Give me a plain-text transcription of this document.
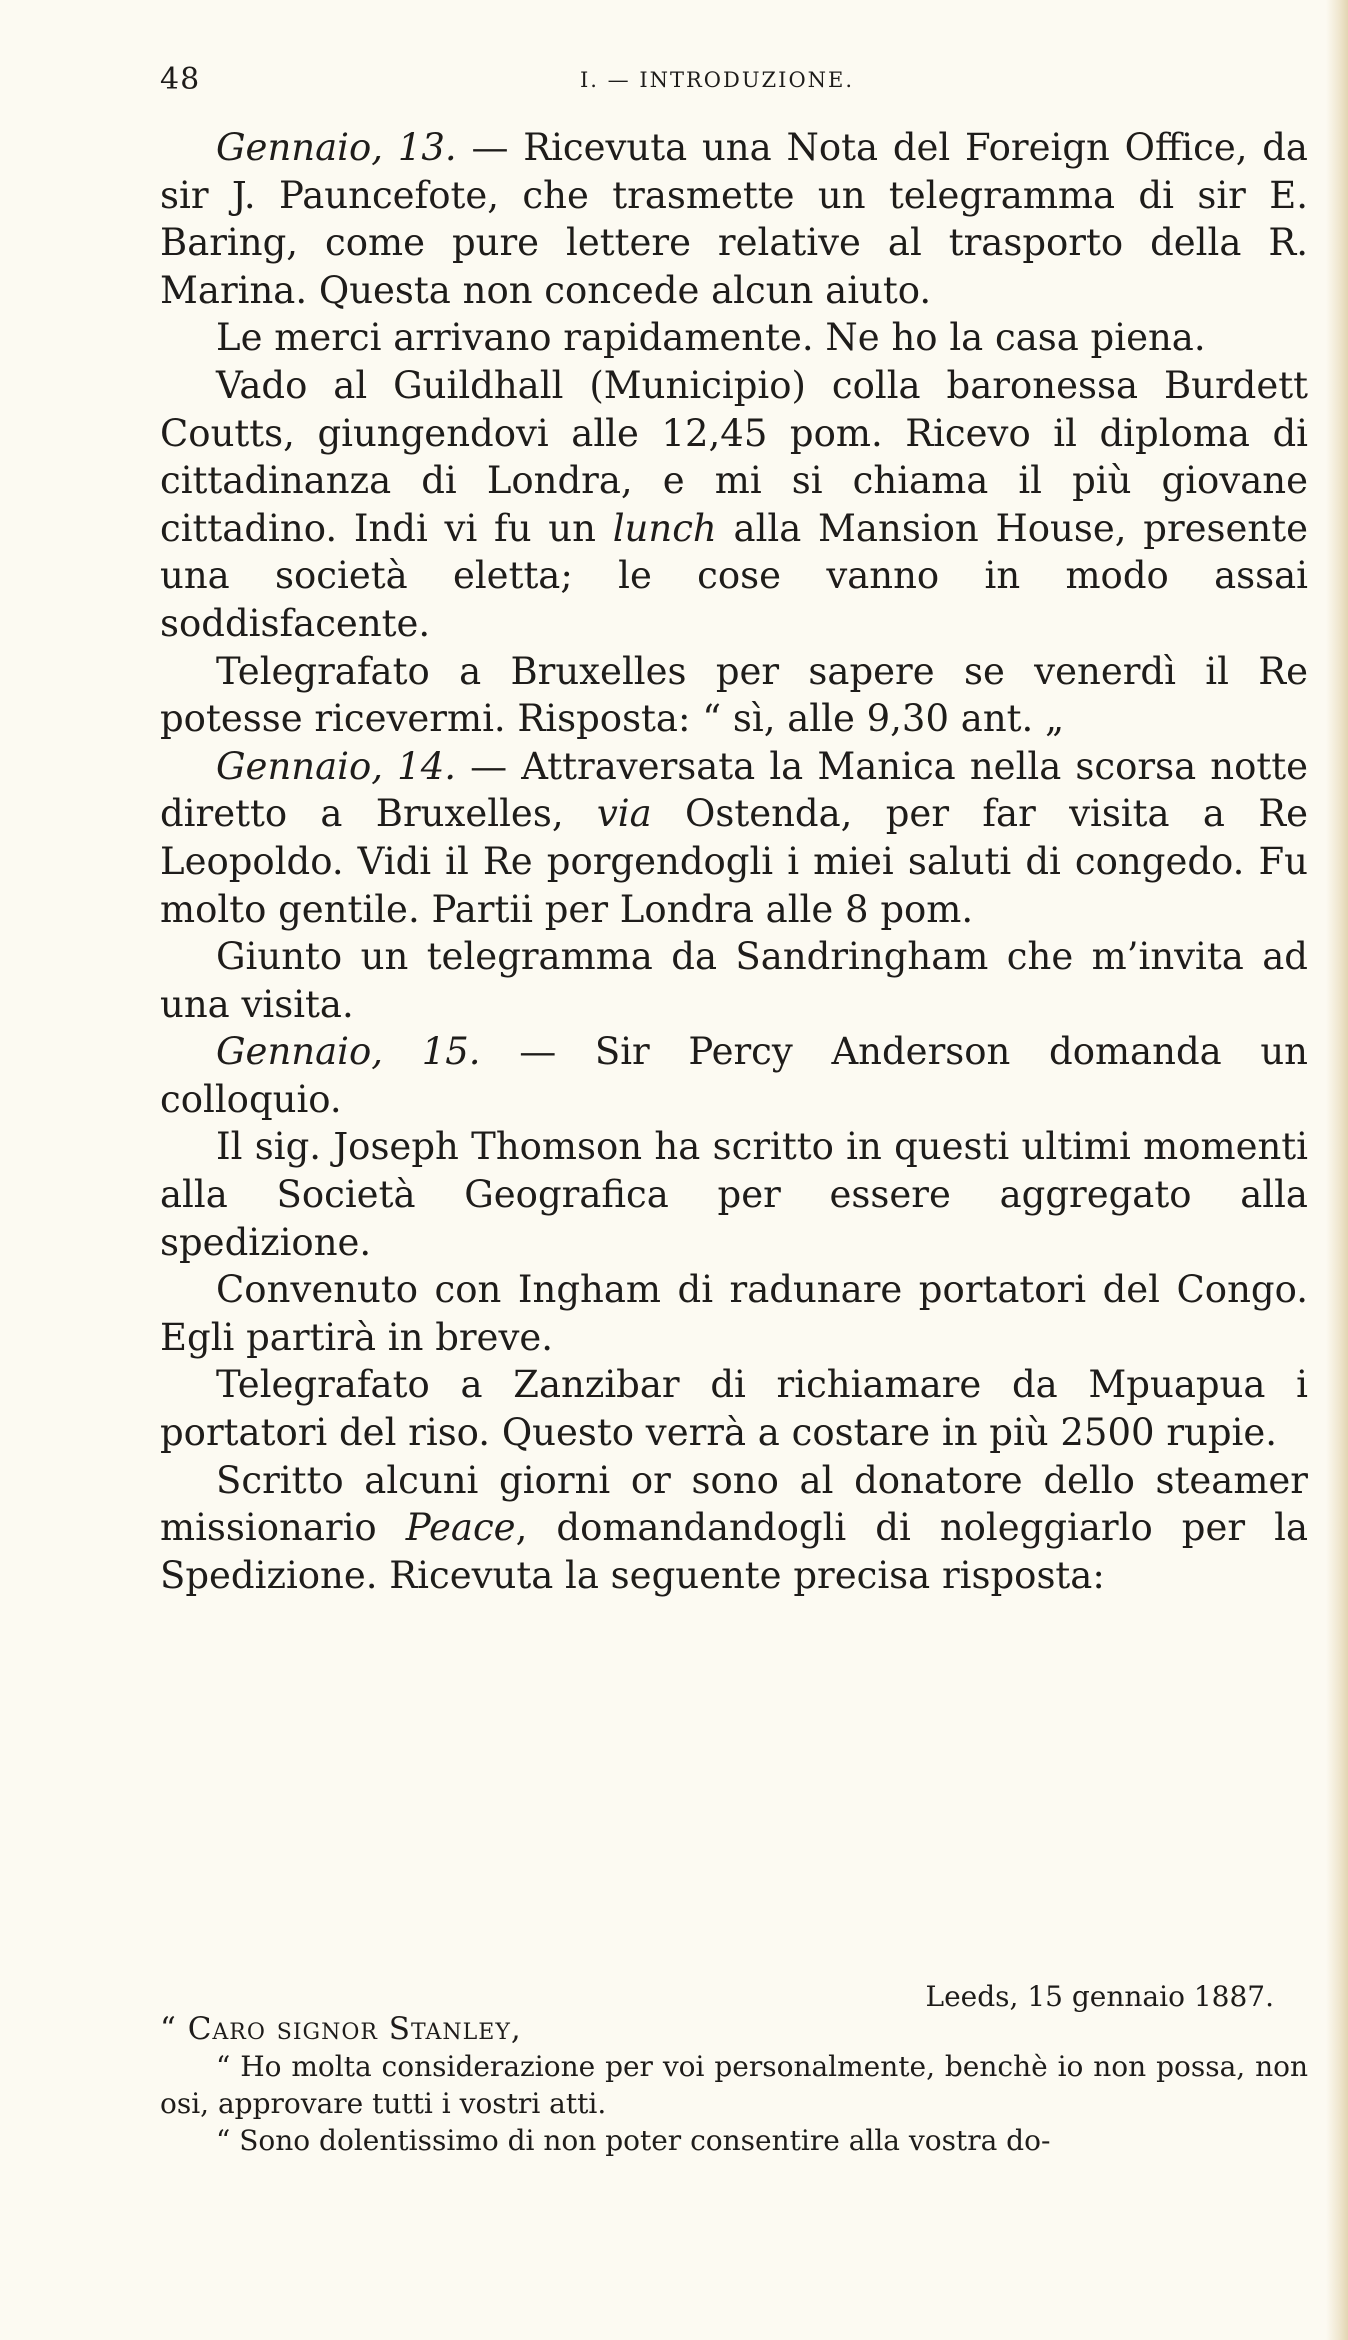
48	I. — INTRODUZIONE.

Gennaio, 13. — Ricevuta una Nota del Foreign Office, da sir J. Pauncefote, che trasmette un telegramma di sir E. Baring, come pure lettere relative al trasporto della R. Marina. Questa non concede alcun aiuto.

Le merci arrivano rapidamente. Ne ho la casa piena.

Vado al Guildhall (Municipio) colla baronessa Burdett Coutts, giungendovi alle 12,45 pom. Ricevo il diploma di cittadinanza di Londra, e mi si chiama il più giovane cittadino. Indi vi fu un lunch alla Mansion House, presente una società eletta; le cose vanno in modo assai soddisfacente.

Telegrafato a Bruxelles per sapere se venerdì il Re potesse ricevermi. Risposta: “ sì, alle 9,30 ant. „

Gennaio, 14. — Attraversata la Manica nella scorsa notte diretto a Bruxelles, via Ostenda, per far visita a Re Leopoldo. Vidi il Re porgendogli i miei saluti di congedo. Fu molto gentile. Partii per Londra alle 8 pom.

Giunto un telegramma da Sandringham che m’invita ad una visita.

Gennaio, 15. — Sir Percy Anderson domanda un colloquio.

Il sig. Joseph Thomson ha scritto in questi ultimi momenti alla Società Geografica per essere aggregato alla spedizione.

Convenuto con Ingham di radunare portatori del Congo. Egli partirà in breve.

Telegrafato a Zanzibar di richiamare da Mpuapua i portatori del riso. Questo verrà a costare in più 2500 rupie.

Scritto alcuni giorni or sono al donatore dello steamer missionario Peace, domandandogli di noleggiarlo per la Spedizione. Ricevuta la seguente precisa risposta:

Leeds, 15 gennaio 1887.

“ Caro signor Stanley,

“ Ho molta considerazione per voi personalmente, benchè io non possa, non osi, approvare tutti i vostri atti.

“ Sono dolentissimo di non poter consentire alla vostra do-
